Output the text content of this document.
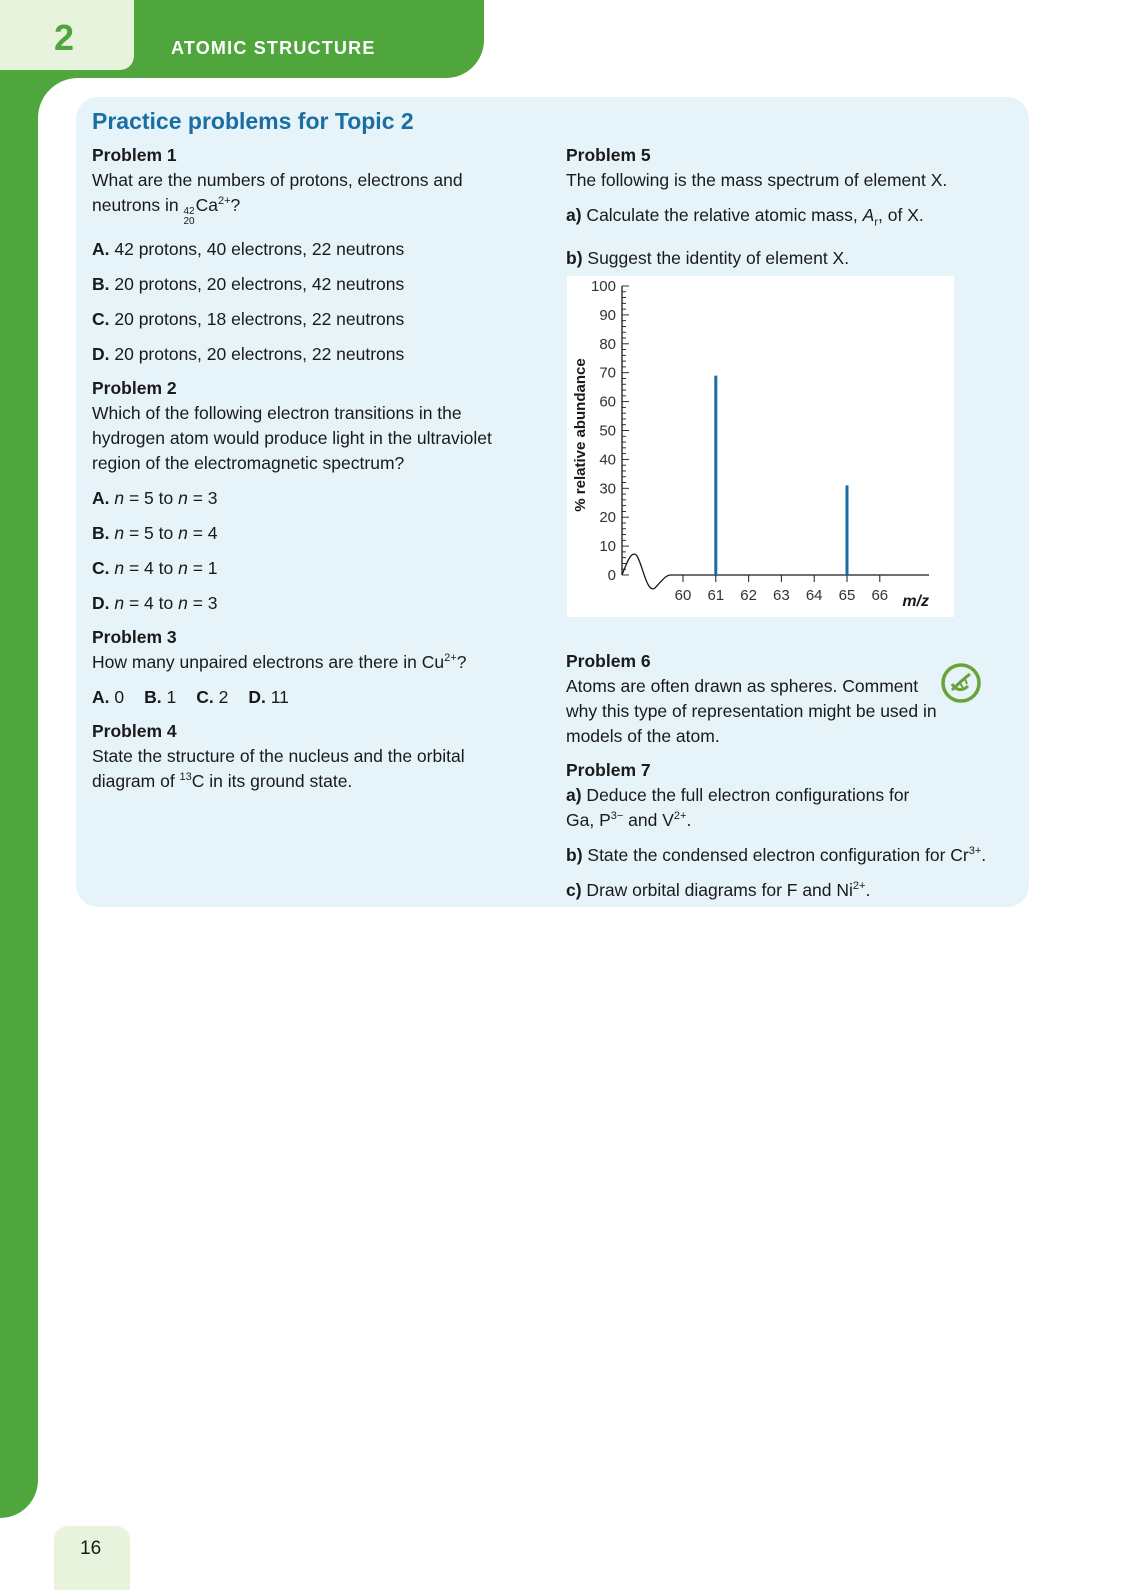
2	ATOMIC STRUCTURE
Practice problems for Topic 2

Problem 1

What are the numbers of protons, electrons and neutrons in 42
20
$Ca^{2+}$?

A. 42 protons, 40 electrons, 22 neutrons

B. 20 protons, 20 electrons, 42 neutrons

C. 20 protons, 18 electrons, 22 neutrons

D. 20 protons, 20 electrons, 22 neutrons

Problem 2

Which of the following electron transitions in the hydrogen atom would produce light in the ultraviolet region of the electromagnetic spectrum?

A. n = 5 to n = 3

B. n = 5 to n = 4

C. n = 4 to n = 1

D. n = 4 to n = 3

Problem 3

How many unpaired electrons are there in $Cu^{2+}$?

A. 0 B. 1 C. 2 D. 11

Problem 4

State the structure of the nucleus and the orbital diagram of $^{13}$C in its ground state.

Problem 5

The following is the mass spectrum of element X.

a) Calculate the relative atomic mass, $A_r$, of X.

b) Suggest the identity of element X.

Problem 6

Atoms are often drawn as spheres. Comment why this type of representation might be used in models of the atom.

Problem 7

a) Deduce the full electron configurations for Ga, $P^{3-}$ and $V^{2+}$.

b) State the condensed electron configuration for $Cr^{3+}$.

c) Draw orbital diagrams for F and $Ni^{2+}$.

% relative abundance
m/z
0
10
20
30
40
50
60
70
80
90
100
60 61 62 63 64 65 66
16
